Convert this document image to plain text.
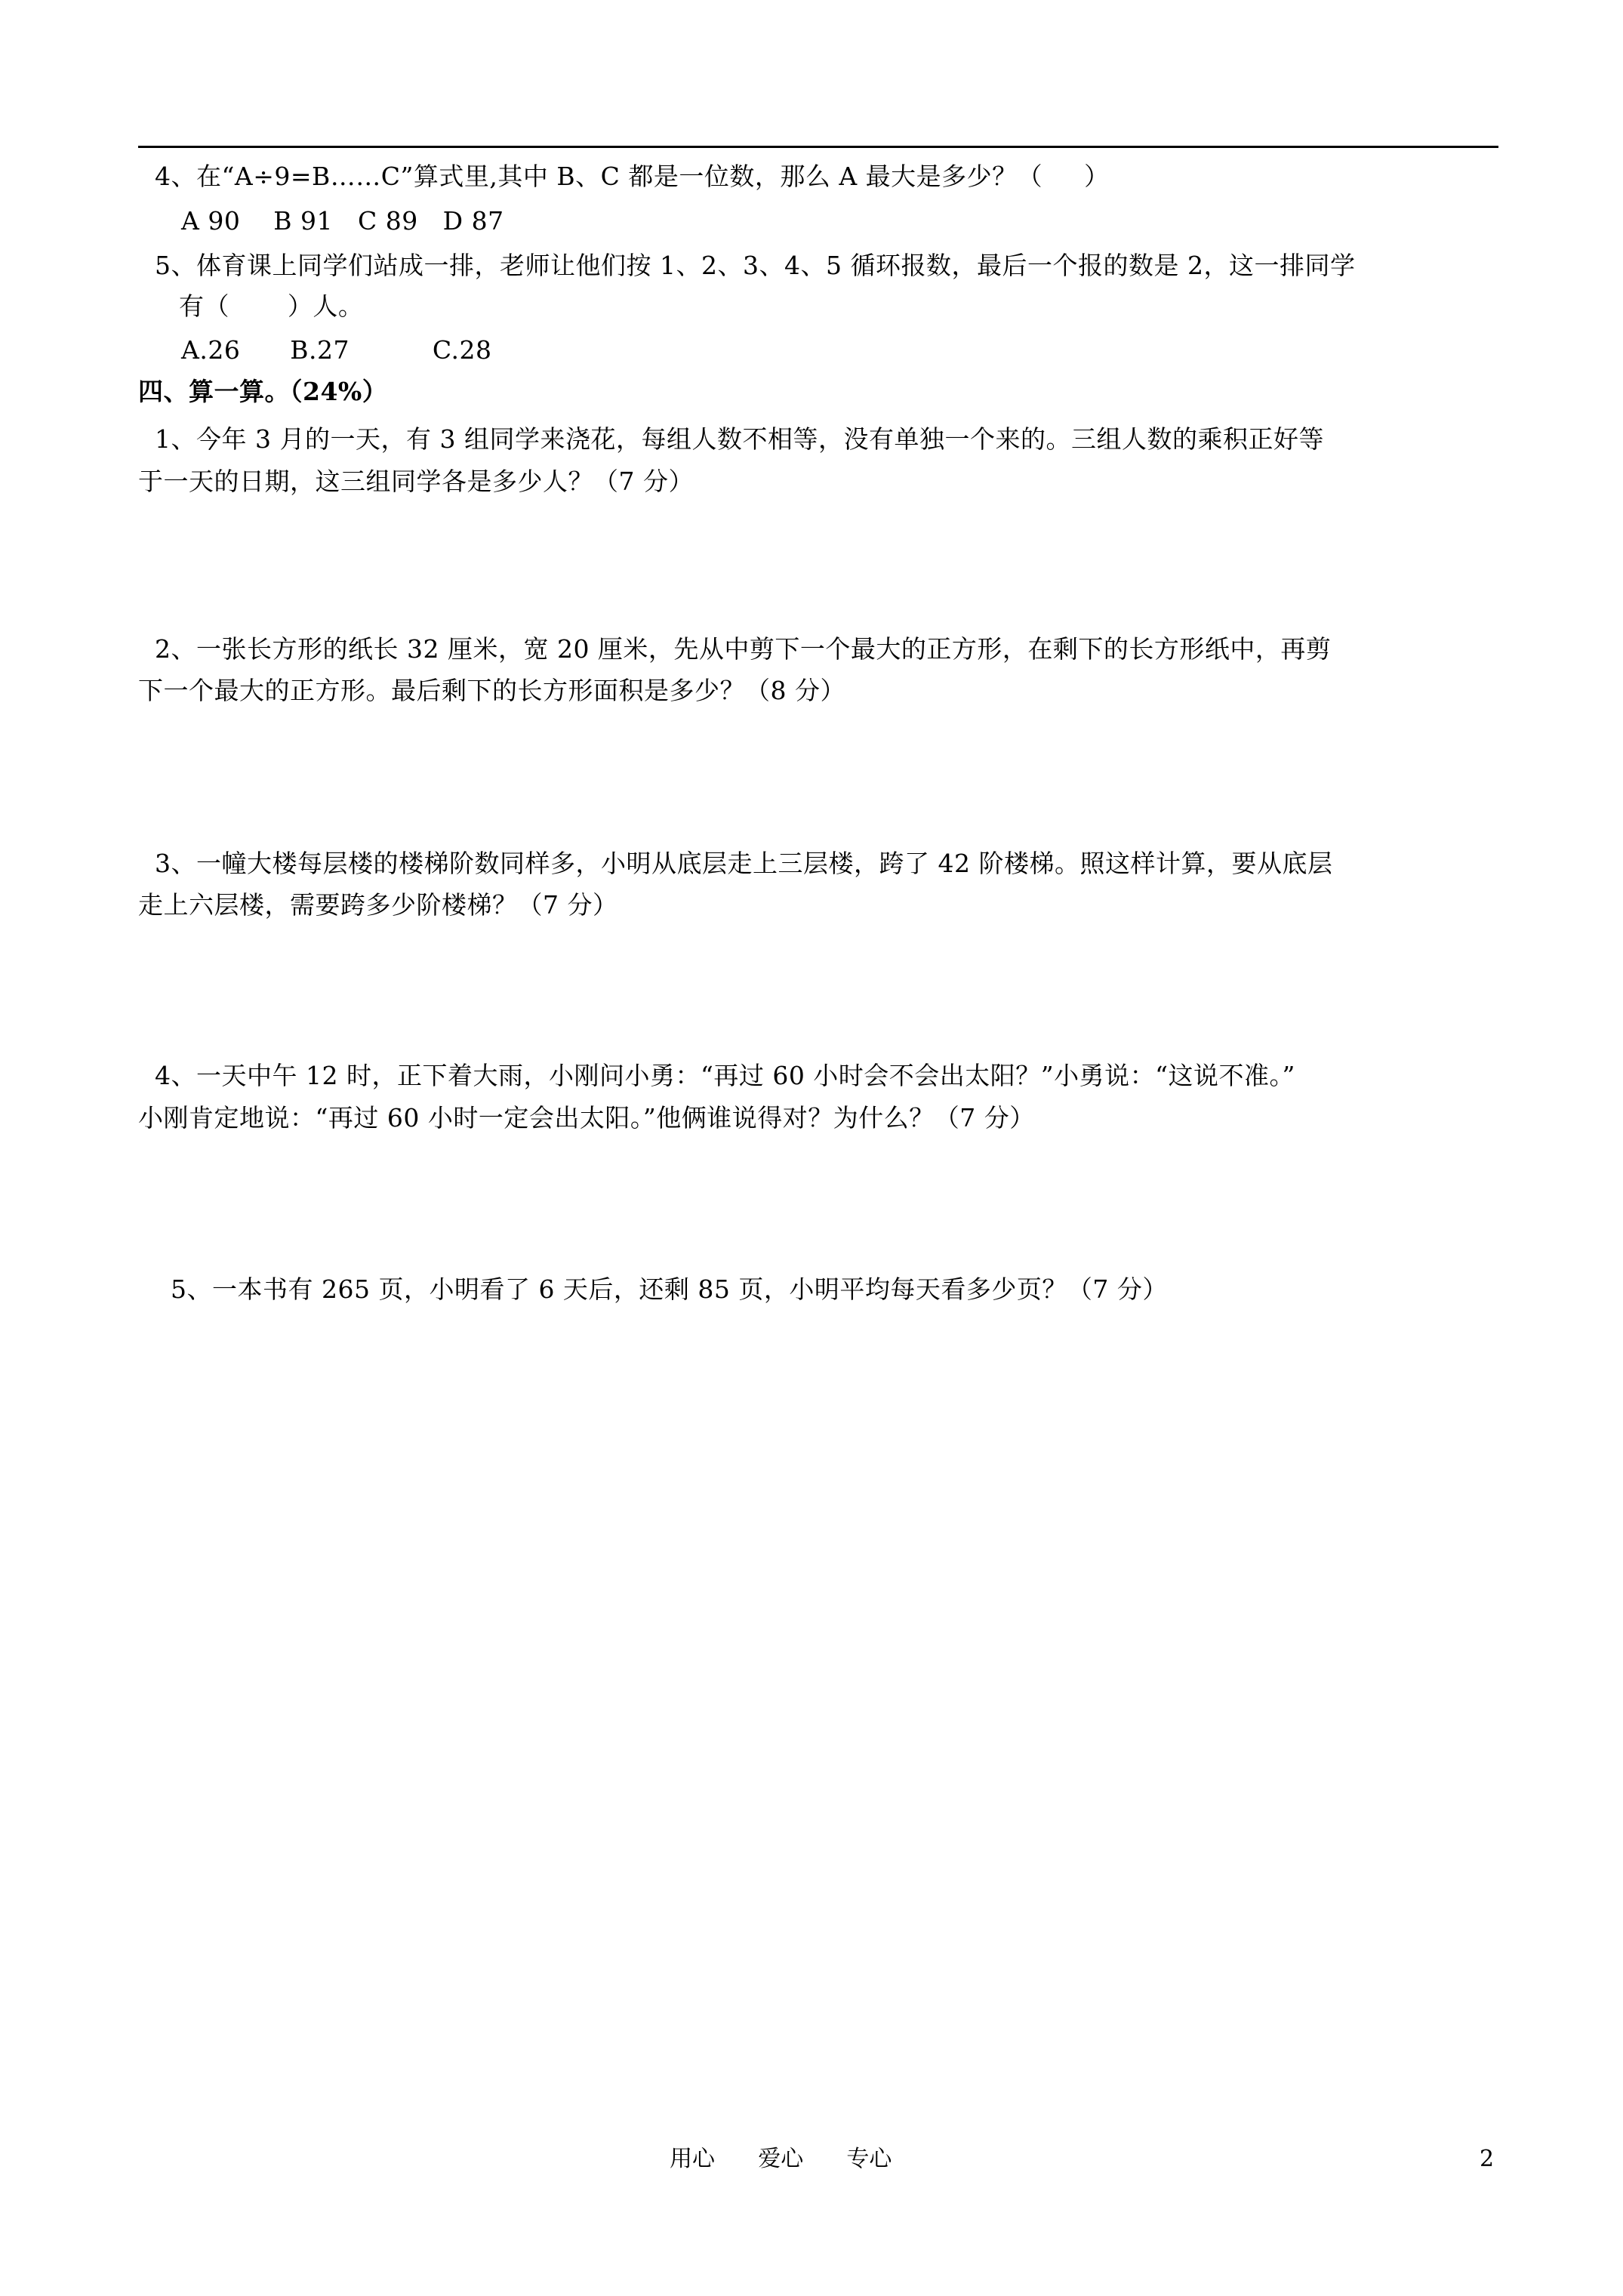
4、在“A÷9=B……C”算式里,其中 B、C 都是一位数，那么 A 最大是多少？（     ）
A 90    B 91   C 89   D 87
5、体育课上同学们站成一排，老师让他们按 1、2、3、4、5 循环报数，最后一个报的数是 2，这一排同学
有（       ）人。
A.26      B.27          C.28
四、算一算。（24%）
1、今年 3 月的一天，有 3 组同学来浇花，每组人数不相等，没有单独一个来的。三组人数的乘积正好等
于一天的日期，这三组同学各是多少人？（7 分）
2、一张长方形的纸长 32 厘米，宽 20 厘米，先从中剪下一个最大的正方形，在剩下的长方形纸中，再剪
下一个最大的正方形。最后剩下的长方形面积是多少？（8 分）
3、一幢大楼每层楼的楼梯阶数同样多，小明从底层走上三层楼，跨了 42 阶楼梯。照这样计算，要从底层
走上六层楼，需要跨多少阶楼梯？（7 分）
4、一天中午 12 时，正下着大雨，小刚问小勇：“再过 60 小时会不会出太阳？”小勇说：“这说不准。”
小刚肯定地说：“再过 60 小时一定会出太阳。”他俩谁说得对？为什么？（7 分）
5、一本书有 265 页，小明看了 6 天后，还剩 85 页，小明平均每天看多少页？（7 分）
用心      爱心      专心	2
